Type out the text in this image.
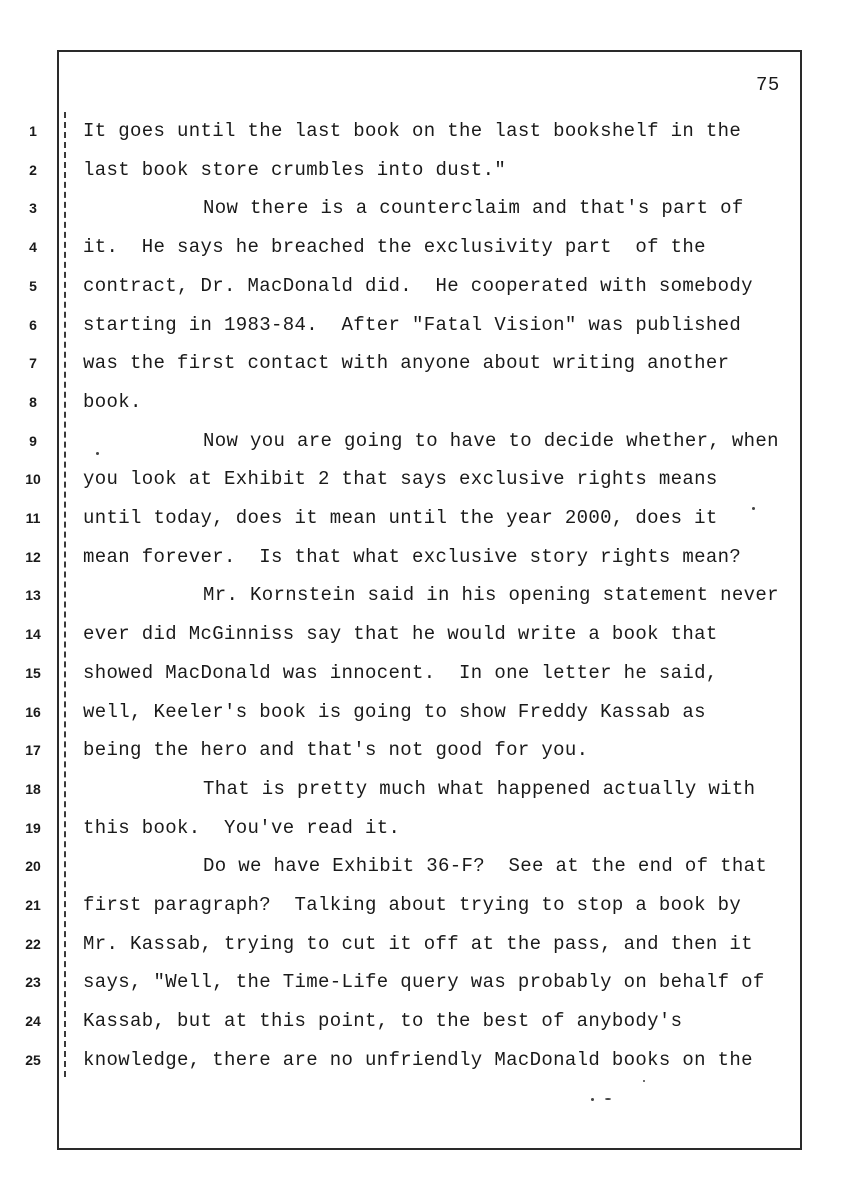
75
1	It goes until the last book on the last bookshelf in the
2	last book store crumbles into dust."
3	Now there is a counterclaim and that's part of
4	it.  He says he breached the exclusivity part  of the
5	contract, Dr. MacDonald did.  He cooperated with somebody
6	starting in 1983-84.  After "Fatal Vision" was published
7	was the first contact with anyone about writing another
8	book.
9	Now you are going to have to decide whether, when
10 you look at Exhibit 2 that says exclusive rights means
11 until today, does it mean until the year 2000, does it
12 mean forever.  Is that what exclusive story rights mean?
13	Mr. Kornstein said in his opening statement never
14 ever did McGinniss say that he would write a book that
15 showed MacDonald was innocent.  In one letter he said,
16 well, Keeler's book is going to show Freddy Kassab as
17 being the hero and that's not good for you.
18	That is pretty much what happened actually with
19 this book.  You've read it.
20	Do we have Exhibit 36-F?  See at the end of that
21 first paragraph?  Talking about trying to stop a book by
22 Mr. Kassab, trying to cut it off at the pass, and then it
23 says, "Well, the Time-Life query was probably on behalf of
24 Kassab, but at this point, to the best of anybody's
25 knowledge, there are no unfriendly MacDonald books on the
